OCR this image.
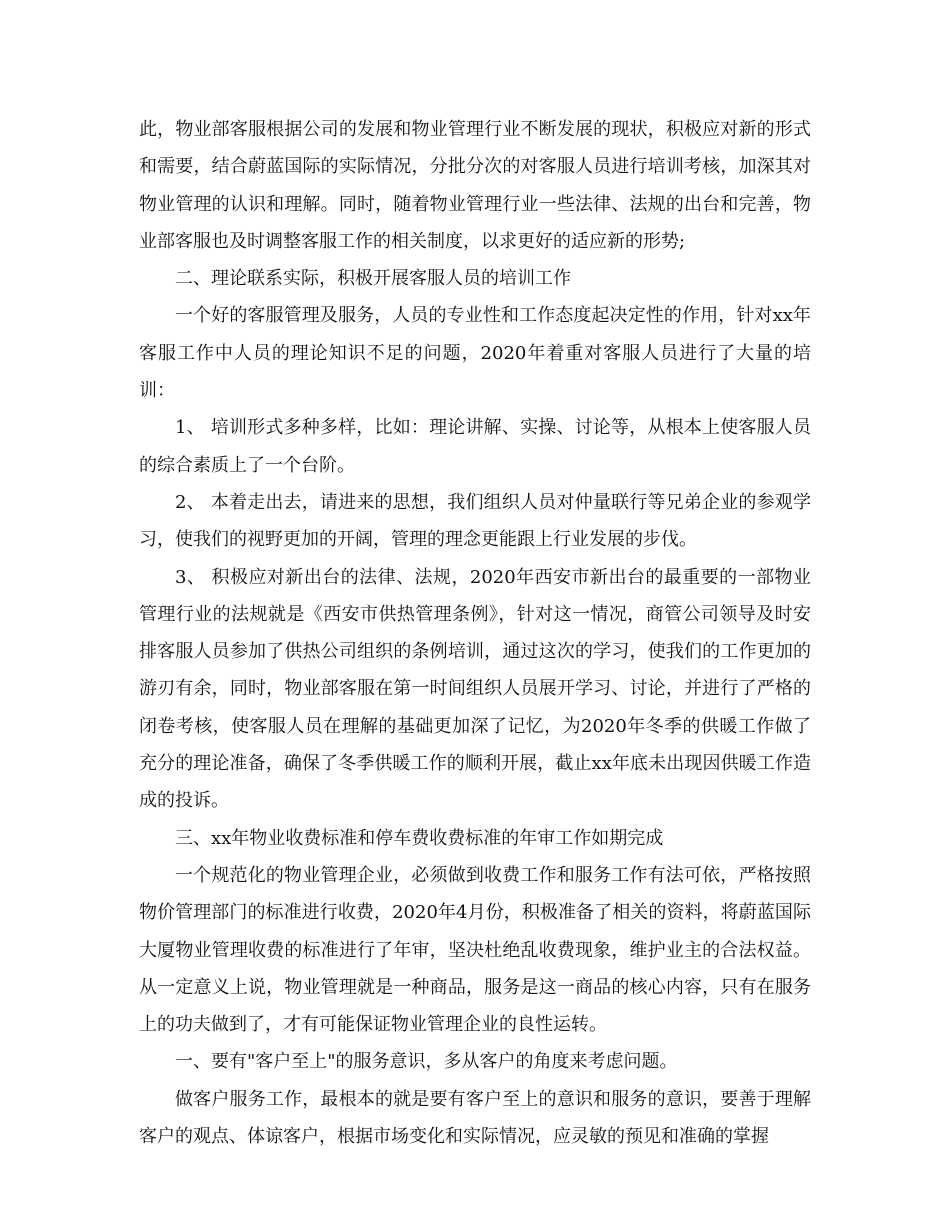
此，物业部客服根据公司的发展和物业管理行业不断发展的现状，积极应对新的形式和需要，结合蔚蓝国际的实际情况，分批分次的对客服人员进行培训考核，加深其对物业管理的认识和理解。同时，随着物业管理行业一些法律、法规的出台和完善，物业部客服也及时调整客服工作的相关制度，以求更好的适应新的形势;

二、理论联系实际，积极开展客服人员的培训工作

一个好的客服管理及服务，人员的专业性和工作态度起决定性的作用，针对xx年客服工作中人员的理论知识不足的问题，2020年着重对客服人员进行了大量的培训：

1、 培训形式多种多样，比如：理论讲解、实操、讨论等，从根本上使客服人员的综合素质上了一个台阶。

2、 本着走出去，请进来的思想，我们组织人员对仲量联行等兄弟企业的参观学习，使我们的视野更加的开阔，管理的理念更能跟上行业发展的步伐。

3、 积极应对新出台的法律、法规，2020年西安市新出台的最重要的一部物业管理行业的法规就是《西安市供热管理条例》，针对这一情况，商管公司领导及时安排客服人员参加了供热公司组织的条例培训，通过这次的学习，使我们的工作更加的游刃有余，同时，物业部客服在第一时间组织人员展开学习、讨论，并进行了严格的闭卷考核，使客服人员在理解的基础更加深了记忆，为2020年冬季的供暖工作做了充分的理论准备，确保了冬季供暖工作的顺利开展，截止xx年底未出现因供暖工作造成的投诉。

三、xx年物业收费标准和停车费收费标准的年审工作如期完成

一个规范化的物业管理企业，必须做到收费工作和服务工作有法可依，严格按照物价管理部门的标准进行收费，2020年4月份，积极准备了相关的资料，将蔚蓝国际大厦物业管理收费的标准进行了年审，坚决杜绝乱收费现象，维护业主的合法权益。从一定意义上说，物业管理就是一种商品，服务是这一商品的核心内容，只有在服务上的功夫做到了，才有可能保证物业管理企业的良性运转。

一、要有"客户至上"的服务意识，多从客户的角度来考虑问题。

做客户服务工作，最根本的就是要有客户至上的意识和服务的意识，要善于理解客户的观点、体谅客户，根据市场变化和实际情况，应灵敏的预见和准确的掌握
